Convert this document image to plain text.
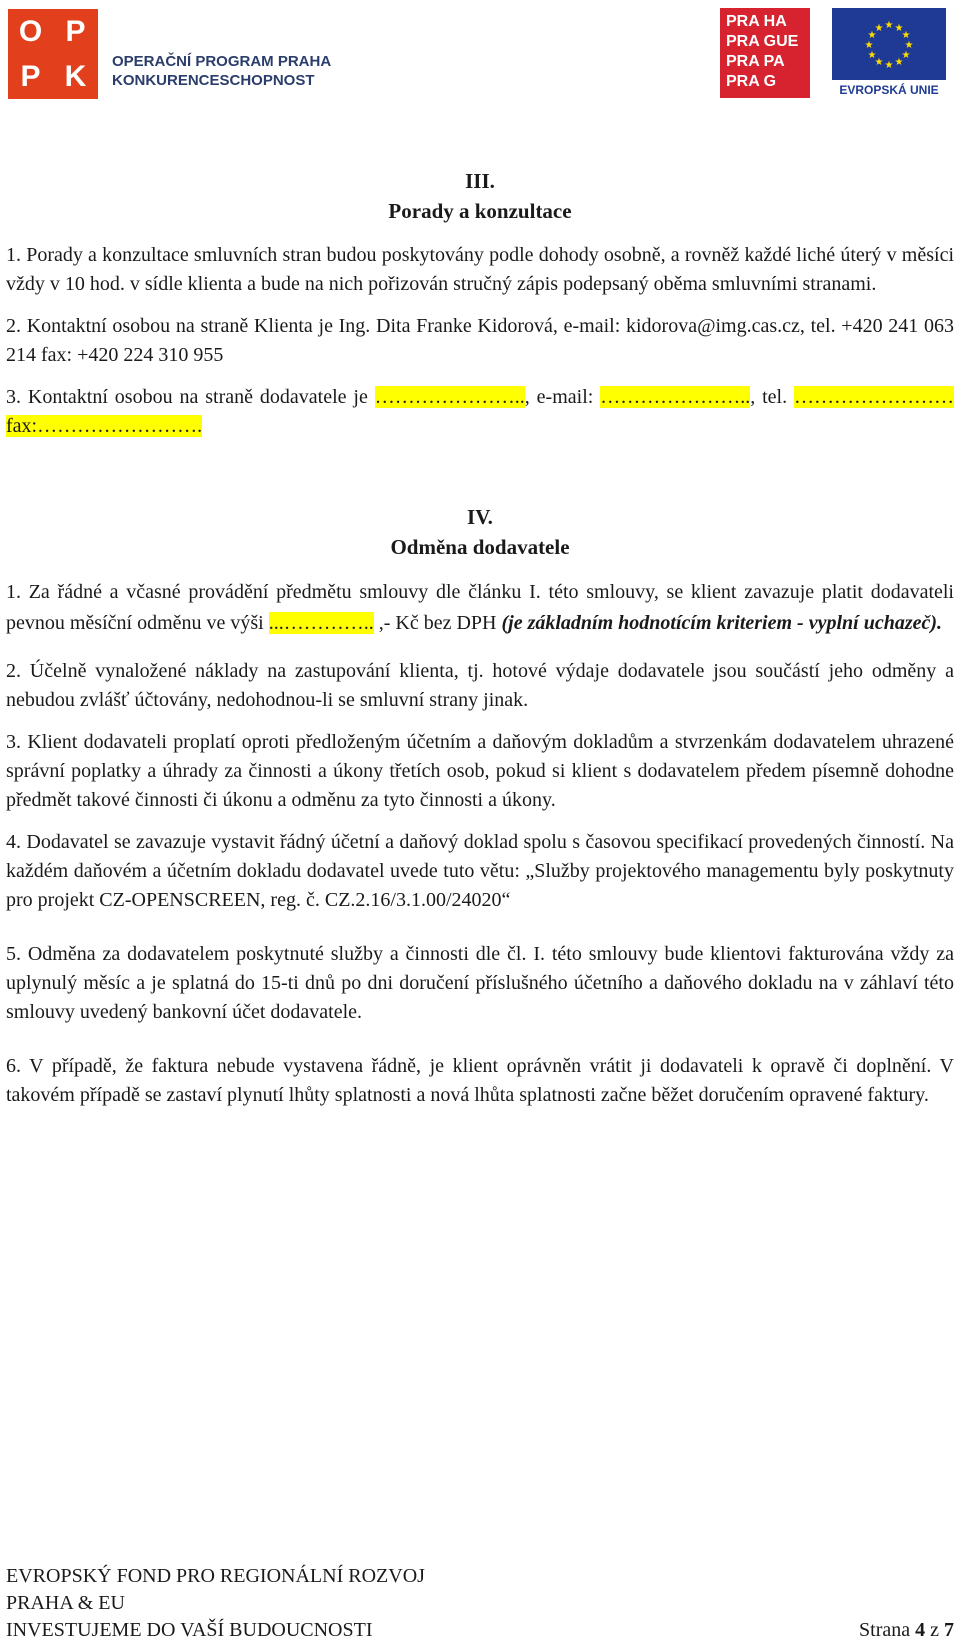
O P
P K	OPERAČNÍ PROGRAM PRAHA
KONKURENCESCHOPNOST
PRA HA
PRA GUE
PRA PA
PRA G
★ ★
★
★
★
★
★
★
★
★
★
★
EVROPSKÁ UNIE
III.
Porady a konzultace

1. Porady a konzultace smluvních stran budou poskytovány podle dohody osobně, a rovněž každé liché úterý v měsíci vždy v 10 hod. v sídle klienta a bude na nich pořizován stručný zápis podepsaný oběma smluvními stranami.

2. Kontaktní osobou na straně Klienta je Ing. Dita Franke Kidorová, e-mail: kidorova@img.cas.cz, tel. +420 241 063 214 fax: +420 224 310 955

3. Kontaktní osobou na straně dodavatele je ………………….., e-mail: ………………….., tel. …………………… fax:…………………….

IV.
Odměna dodavatele

1. Za řádné a včasné provádění předmětu smlouvy dle článku I. této smlouvy, se klient zavazuje platit dodavateli pevnou měsíční odměnu ve výši ...………….. ,- Kč bez DPH (je základním hodnotícím kriteriem - vyplní uchazeč).

2. Účelně vynaložené náklady na zastupování klienta, tj. hotové výdaje dodavatele jsou součástí jeho odměny a nebudou zvlášť účtovány, nedohodnou-li se smluvní strany jinak.

3. Klient dodavateli proplatí oproti předloženým účetním a daňovým dokladům a stvrzenkám dodavatelem uhrazené správní poplatky a úhrady za činnosti a úkony třetích osob, pokud si klient s dodavatelem předem písemně dohodne předmět takové činnosti či úkonu a odměnu za tyto činnosti a úkony.

4. Dodavatel se zavazuje vystavit řádný účetní a daňový doklad spolu s časovou specifikací provedených činností. Na každém daňovém a účetním dokladu dodavatel uvede tuto větu: „Služby projektového managementu byly poskytnuty pro projekt CZ-OPENSCREEN, reg. č. CZ.2.16/3.1.00/24020“

5. Odměna za dodavatelem poskytnuté služby a činnosti dle čl. I. této smlouvy bude klientovi fakturována vždy za uplynulý měsíc a je splatná do 15-ti dnů po dni doručení příslušného účetního a daňového dokladu na v záhlaví této smlouvy uvedený bankovní účet dodavatele.

6. V případě, že faktura nebude vystavena řádně, je klient oprávněn vrátit ji dodavateli k opravě či doplnění. V takovém případě se zastaví plynutí lhůty splatnosti a nová lhůta splatnosti začne běžet doručením opravené faktury.

EVROPSKÝ FOND PRO REGIONÁLNÍ ROZVOJ
PRAHA & EU
INVESTUJEME DO VAŠÍ BUDOUCNOSTI	Strana 4 z 7
